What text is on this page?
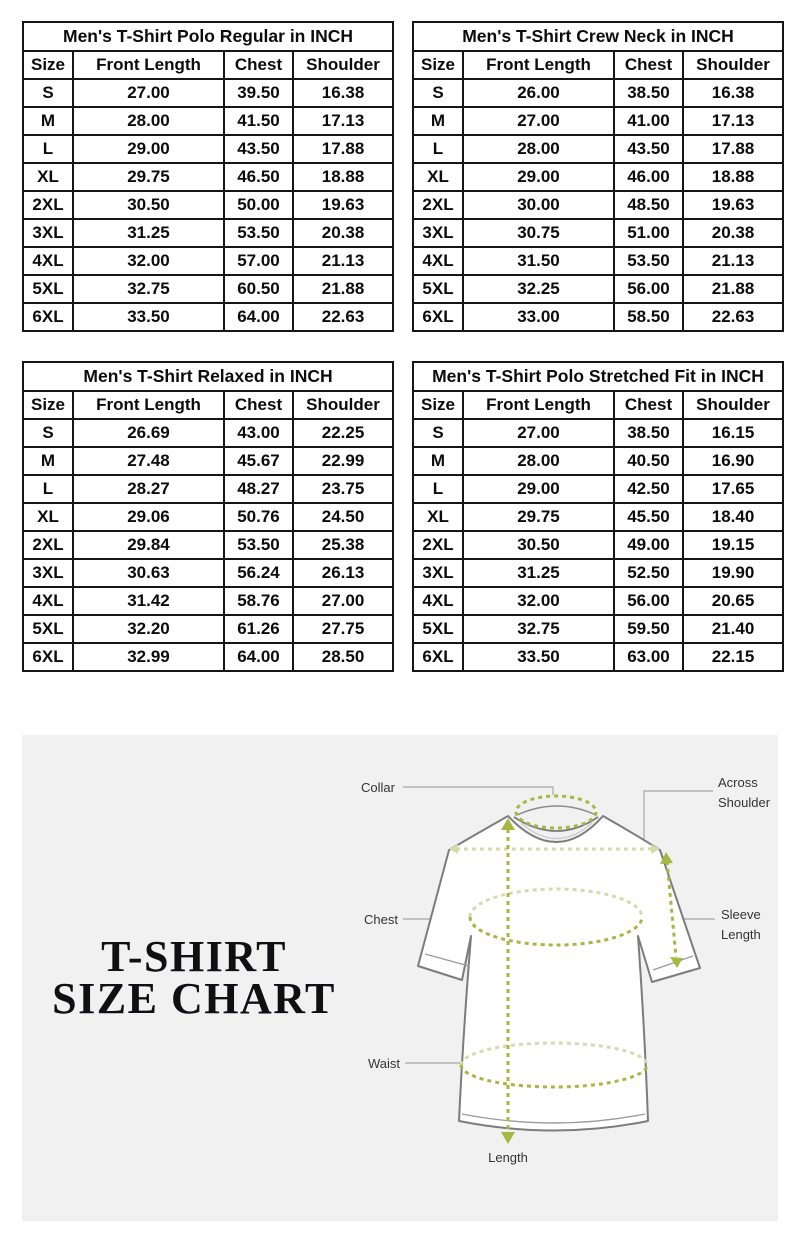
Men's T-Shirt Polo Regular in INCH			
Size	Front Length	Chest	Shoulder
S	27.00	39.50	16.38
M	28.00	41.50	17.13
L	29.00	43.50	17.88
XL	29.75	46.50	18.88
2XL	30.50	50.00	19.63
3XL	31.25	53.50	20.38
4XL	32.00	57.00	21.13
5XL	32.75	60.50	21.88
6XL	33.50	64.00	22.63
Men's T-Shirt Crew Neck in INCH			
Size	Front Length	Chest	Shoulder
S	26.00	38.50	16.38
M	27.00	41.00	17.13
L	28.00	43.50	17.88
XL	29.00	46.00	18.88
2XL	30.00	48.50	19.63
3XL	30.75	51.00	20.38
4XL	31.50	53.50	21.13
5XL	32.25	56.00	21.88
6XL	33.00	58.50	22.63
Men's T-Shirt Relaxed in INCH			
Size	Front Length	Chest	Shoulder
S	26.69	43.00	22.25
M	27.48	45.67	22.99
L	28.27	48.27	23.75
XL	29.06	50.76	24.50
2XL	29.84	53.50	25.38
3XL	30.63	56.24	26.13
4XL	31.42	58.76	27.00
5XL	32.20	61.26	27.75
6XL	32.99	64.00	28.50
Men's T-Shirt Polo Stretched Fit in INCH			
Size	Front Length	Chest	Shoulder
S	27.00	38.50	16.15
M	28.00	40.50	16.90
L	29.00	42.50	17.65
XL	29.75	45.50	18.40
2XL	30.50	49.00	19.15
3XL	31.25	52.50	19.90
4XL	32.00	56.00	20.65
5XL	32.75	59.50	21.40
6XL	33.50	63.00	22.15
T-SHIRT
SIZE CHART
Collar	Across Shoulder
Chest	Sleeve Length
Waist
Length
